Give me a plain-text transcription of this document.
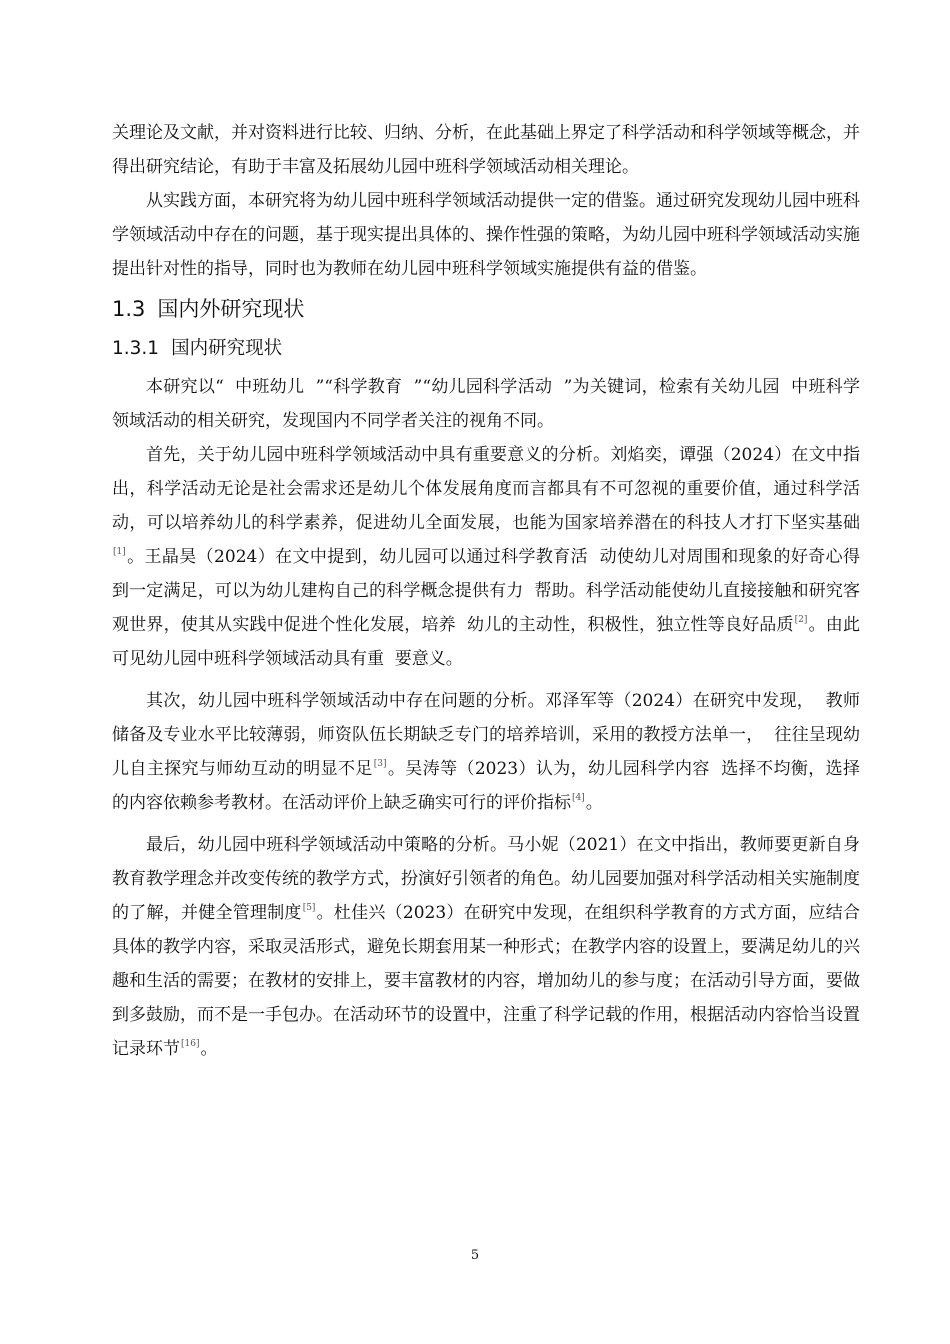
关理论及文献，并对资料进行比较、归纳、分析，在此基础上界定了科学活动和科学领域等概念，并得出研究结论，有助于丰富及拓展幼儿园中班科学领域活动相关理论。

从实践方面，本研究将为幼儿园中班科学领域活动提供一定的借鉴。通过研究发现幼儿园中班科学领域活动中存在的问题，基于现实提出具体的、操作性强的策略，为幼儿园中班科学领域活动实施提出针对性的指导，同时也为教师在幼儿园中班科学领域实施提供有益的借鉴。

1.3 国内外研究现状
1.3.1 国内研究现状

本研究以“  中班幼儿  ”“科学教育  ”“幼儿园科学活动  ”为关键词，检索有关幼儿园  中班科学领域活动的相关研究，发现国内不同学者关注的视角不同。

首先，关于幼儿园中班科学领域活动中具有重要意义的分析。刘焰奕，谭强（2024）在文中指出，科学活动无论是社会需求还是幼儿个体发展角度而言都具有不可忽视的重要价值，通过科学活动，可以培养幼儿的科学素养，促进幼儿全面发展，也能为国家培养潜在的科技人才打下坚实基础[1]。王晶昊（2024）在文中提到，幼儿园可以通过科学教育活  动使幼儿对周围和现象的好奇心得到一定满足，可以为幼儿建构自己的科学概念提供有力  帮助。科学活动能使幼儿直接接触和研究客观世界，使其从实践中促进个性化发展，培养  幼儿的主动性，积极性，独立性等良好品质[2]。由此可见幼儿园中班科学领域活动具有重  要意义。

其次，幼儿园中班科学领域活动中存在问题的分析。邓泽军等（2024）在研究中发现，  教师储备及专业水平比较薄弱，师资队伍长期缺乏专门的培养培训，采用的教授方法单一，  往往呈现幼儿自主探究与师幼互动的明显不足[3]。吴涛等（2023）认为，幼儿园科学内容  选择不均衡，选择的内容依赖参考教材。在活动评价上缺乏确实可行的评价指标[4]。

最后，幼儿园中班科学领域活动中策略的分析。马小妮（2021）在文中指出，教师要更新自身教育教学理念并改变传统的教学方式，扮演好引领者的角色。幼儿园要加强对科学活动相关实施制度的了解，并健全管理制度[5]。杜佳兴（2023）在研究中发现，在组织科学教育的方式方面，应结合具体的教学内容，采取灵活形式，避免长期套用某一种形式；在教学内容的设置上，要满足幼儿的兴趣和生活的需要；在教材的安排上，要丰富教材的内容，增加幼儿的参与度；在活动引导方面，要做到多鼓励，而不是一手包办。在活动环节的设置中，注重了科学记载的作用，根据活动内容恰当设置记录环节[16]。

5
